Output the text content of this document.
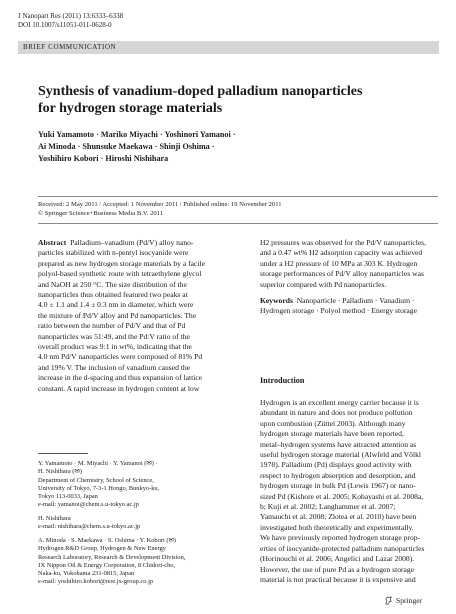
J Nanopart Res (2011) 13:6333–6338
DOI 10.1007/s11051-011-0628-0
BRIEF COMMUNICATION
Synthesis of vanadium-doped palladium nanoparticles
for hydrogen storage materials
Yuki Yamamoto · Mariko Miyachi · Yoshinori Yamanoi ·
Ai Minoda · Shunsuke Maekawa · Shinji Oshima ·
Yoshihiro Kobori · Hiroshi Nishihara
Received: 2 May 2011 / Accepted: 1 November 2011 / Published online: 19 November 2011
© Springer Science+Business Media B.V. 2011
Abstract Palladium–vanadium (Pd/V) alloy nano-
particles stabilized with n-pentyl isocyanide were
prepared as new hydrogen storage materials by a facile
polyol-based synthetic route with tetraethylene glycol
and NaOH at 250 °C. The size distribution of the
nanoparticles thus obtained featured two peaks at
4.0 ± 1.1 and 1.4 ± 0.3 nm in diameter, which were
the mixture of Pd/V alloy and Pd nanoparticles. The
ratio between the number of Pd/V and that of Pd
nanoparticles was 51:49, and the Pd:V ratio of the
overall product was 9:1 in wt%, indicating that the
4.0 nm Pd/V nanoparticles were composed of 81% Pd
and 19% V. The inclusion of vanadium caused the
increase in the d-spacing and thus expansion of lattice
constant. A rapid increase in hydrogen content at low
H2 pressures was observed for the Pd/V nanoparticles,
and a 0.47 wt% H2 adsorption capacity was achieved
under a H2 pressure of 10 MPa at 303 K. Hydrogen
storage performances of Pd/V alloy nanoparticles was
superior compared with Pd nanoparticles.
Keywords Nanoparticle · Palladium · Vanadium ·
Hydrogen storage · Polyol method · Energy storage
Introduction
Hydrogen is an excellent energy carrier because it is
abundant in nature and does not produce pollution
upon combustion (Züttel 2003). Although many
hydrogen storage materials have been reported,
metal–hydrogen systems have attracted attention as
useful hydrogen storage material (Alwfeld and Völkl
1978). Palladium (Pd) displays good activity with
respect to hydrogen absorption and desorption, and
hydrogen storage in bulk Pd (Lewis 1967) or nano-
sized Pd (Kishore et al. 2005; Kobayashi et al. 2008a,
b; Kuji et al. 2002; Langhammer et al. 2007;
Yamauchi et al. 2008; Zlotea et al. 2010) have been
investigated both theoretically and experimentally.
We have previously reported hydrogen storage prop-
erties of isocyanide-protected palladium nanoparticles
(Horinouchi et al. 2006; Angelici and Lazar 2008).
However, the use of pure Pd as a hydrogen storage
material is not practical because it is expensive and
Y. Yamamoto · M. Miyachi · Y. Yamanoi (✉) ·
H. Nishihara (✉)
Department of Chemistry, School of Science,
University of Tokyo, 7-3-1 Hongo, Bunkyo-ku,
Tokyo 113-0033, Japan
e-mail: yamanoi@chem.s.u-tokyo.ac.jp
H. Nishihara
e-mail: nishihara@chem.s.u-tokyo.ac.jp
A. Minoda · S. Maekawa · S. Oshima · Y. Kobori (✉)
Hydrogen R&D Group, Hydrogen & New Energy
Research Laboratory, Research & Development Division,
JX Nippon Oil & Energy Corporation, 8 Chidori-cho,
Naka-ku, Yokohama 231-0815, Japan
e-mail: yoshihiro.kobori@noe.jx-group.co.jp
Springer
